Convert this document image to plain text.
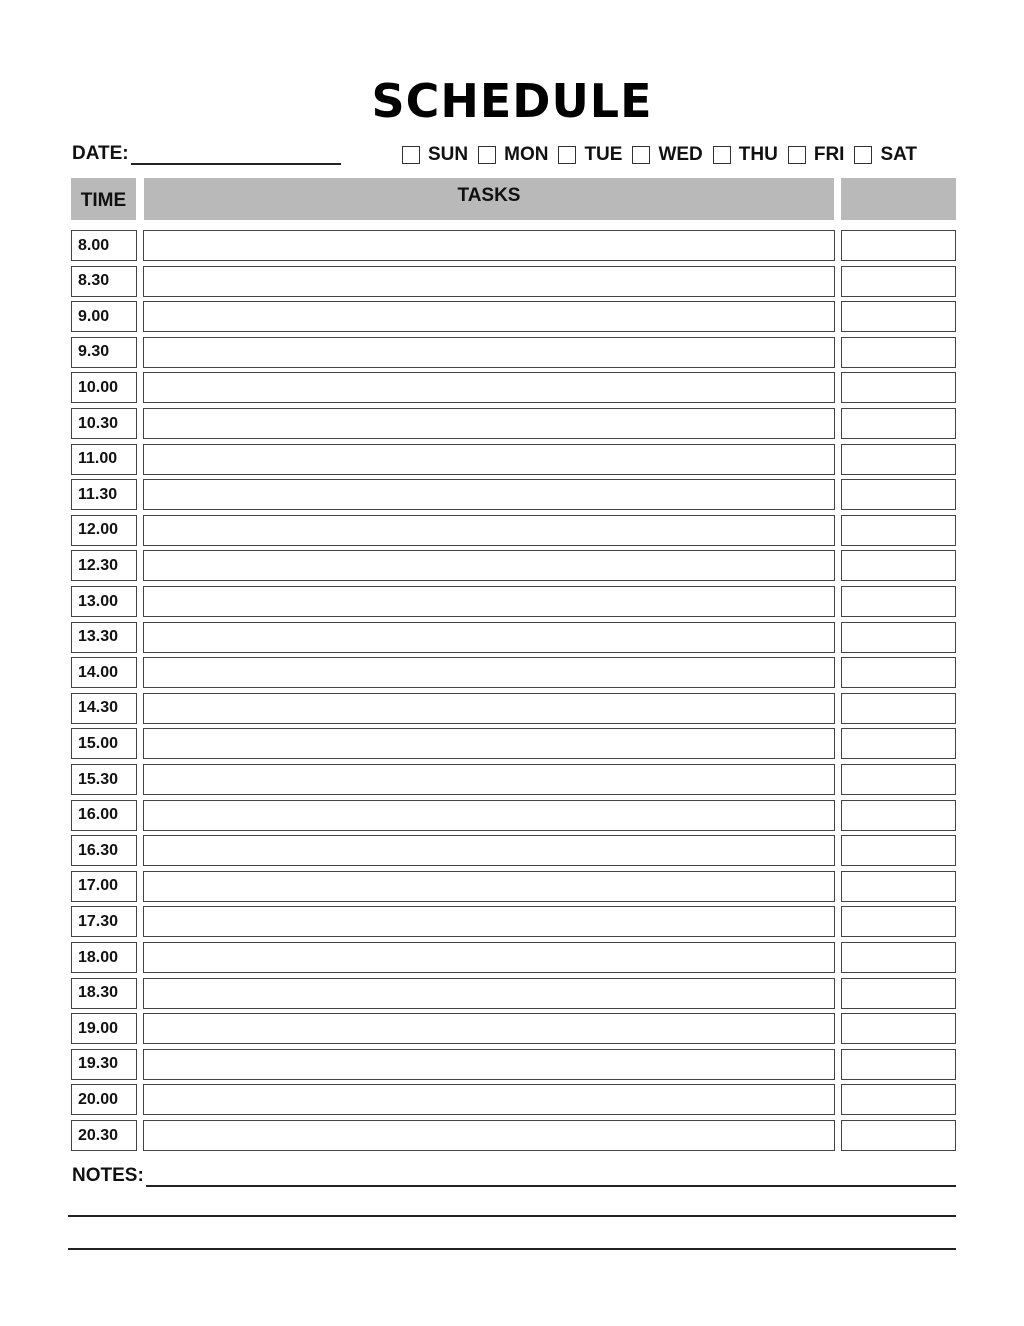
SCHEDULE
DATE:	SUN MON TUE WED THU FRI SAT
TIME	TASKS
8.00
8.30
9.00
9.30
10.00
10.30
11.00
11.30
12.00
12.30
13.00
13.30
14.00
14.30
15.00
15.30
16.00
16.30
17.00
17.30
18.00
18.30
19.00
19.30
20.00
20.30
NOTES:
